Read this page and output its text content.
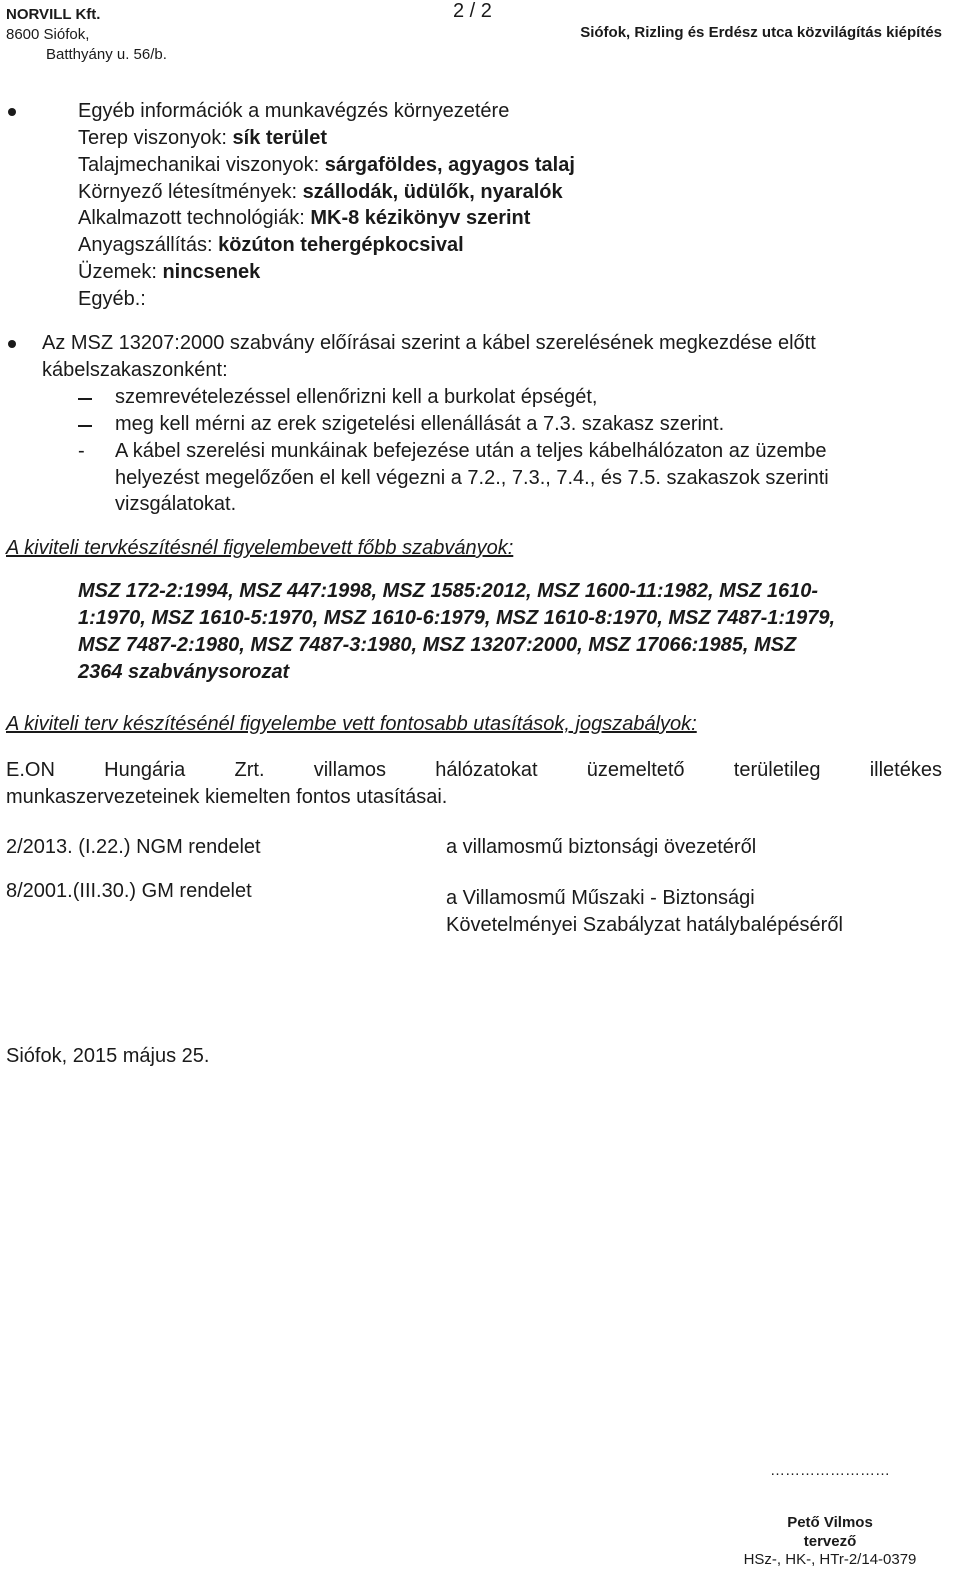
NORVILL Kft.
8600 Siófok,
Batthyány u. 56/b.
2 / 2
Siófok, Rizling és Erdész utca közvilágítás kiépítés
Egyéb információk a munkavégzés környezetére
Terep viszonyok: sík terület
Talajmechanikai viszonyok: sárgaföldes, agyagos talaj
Környező létesítmények: szállodák, üdülők, nyaralók
Alkalmazott technológiák: MK-8 kézikönyv szerint
Anyagszállítás: közúton tehergépkocsival
Üzemek: nincsenek
Egyéb.:
Az MSZ 13207:2000 szabvány előírásai szerint a kábel szerelésének megkezdése előtt
kábelszakaszonként:
szemrevételezéssel ellenőrizni kell a burkolat épségét,
meg kell mérni az erek szigetelési ellenállását a 7.3. szakasz szerint.
- A kábel szerelési munkáinak befejezése után a teljes kábelhálózaton az üzembe
helyezést megelőzően el kell végezni a 7.2., 7.3., 7.4., és 7.5. szakaszok szerinti
vizsgálatokat.
A kiviteli tervkészítésnél figyelembevett főbb szabványok:
MSZ 172-2:1994, MSZ 447:1998, MSZ 1585:2012, MSZ 1600-11:1982, MSZ 1610-
1:1970, MSZ 1610-5:1970, MSZ 1610-6:1979, MSZ 1610-8:1970, MSZ 7487-1:1979,
MSZ 7487-2:1980, MSZ 7487-3:1980, MSZ 13207:2000, MSZ 17066:1985, MSZ
2364 szabványsorozat
A kiviteli terv készítésénél figyelembe vett fontosabb utasítások, jogszabályok:
E.ON Hungária Zrt. villamos hálózatokat üzemeltető területileg illetékes
munkaszervezeteinek kiemelten fontos utasításai.
2/2013. (I.22.) NGM rendelet	a villamosmű biztonsági övezetéről
8/2001.(III.30.) GM rendelet	a Villamosmű Műszaki - Biztonsági
Követelményei Szabályzat hatálybalépéséről
Siófok, 2015 május 25.
……………………
Pető Vilmos
tervező
HSz-, HK-, HTr-2/14-0379
